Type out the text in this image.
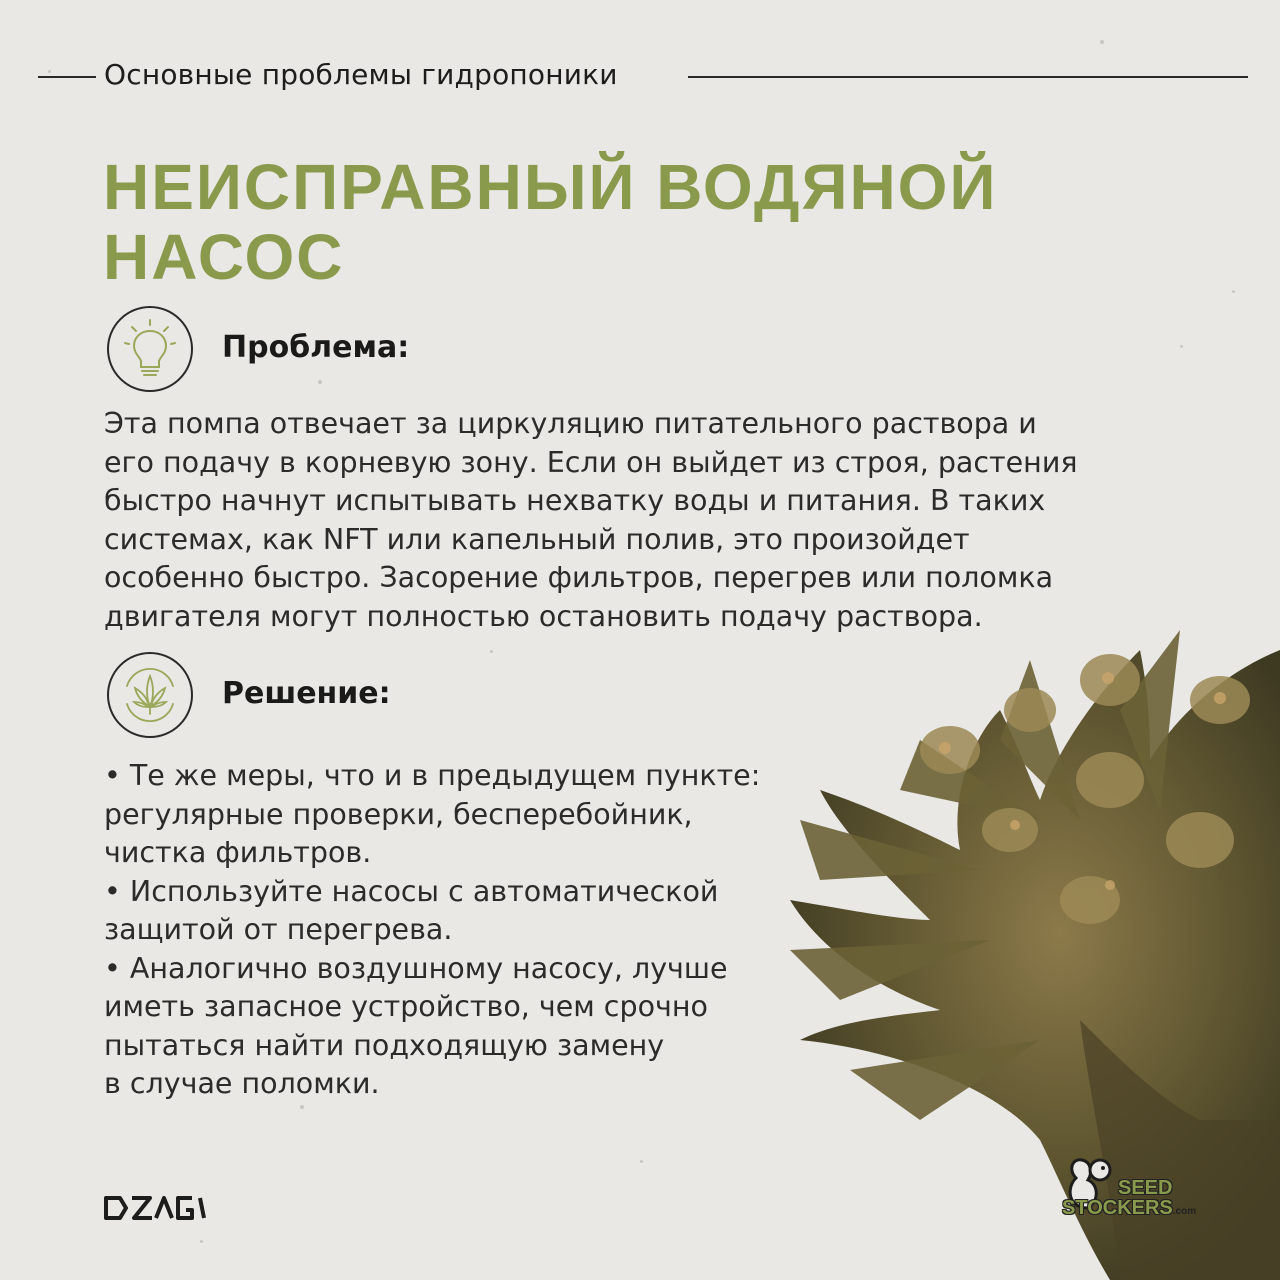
Основные проблемы гидропоники
НЕИСПРАВНЫЙ ВОДЯНОЙ
НАСОС
Проблема:
Эта помпа отвечает за циркуляцию питательного раствора и
его подачу в корневую зону. Если он выйдет из строя, растения
быстро начнут испытывать нехватку воды и питания. В таких
системах, как NFT или капельный полив, это произойдет
особенно быстро. Засорение фильтров, перегрев или поломка
двигателя могут полностью остановить подачу раствора.
Решение:
• Те же меры, что и в предыдущем пункте:
регулярные проверки, бесперебойник,
чистка фильтров.
• Используйте насосы с автоматической
защитой от перегрева.
• Аналогично воздушному насосу, лучше
иметь запасное устройство, чем срочно
пытаться найти подходящую замену
в случае поломки.
SEED
STOCKERS.com
